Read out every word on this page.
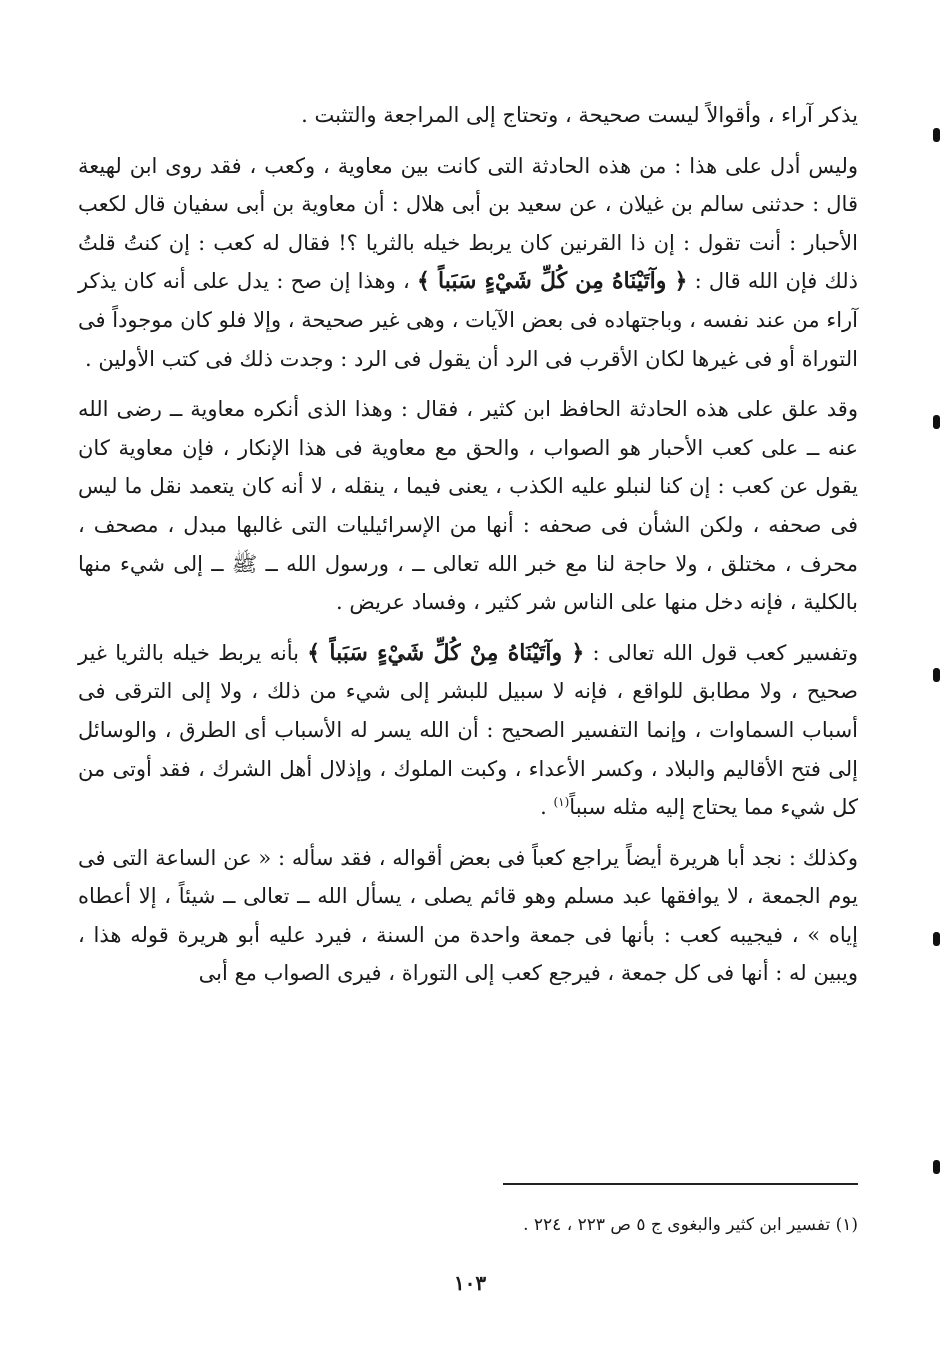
يذكر آراء ، وأقوالاً ليست صحيحة ، وتحتاج إلى المراجعة والتثبت .

وليس أدل على هذا : من هذه الحادثة التى كانت بين معاوية ، وكعب ، فقد روى ابن لهيعة قال : حدثنى سالم بن غيلان ، عن سعيد بن أبى هلال : أن معاوية بن أبى سفيان قال لكعب الأحبار : أنت تقول : إن ذا القرنين كان يربط خيله بالثريا ؟! فقال له كعب : إن كنتُ قلتُ ذلك فإن الله قال : ﴿ وآتَيْنَاهُ مِن كُلِّ شَيْءٍ سَبَباً ﴾ ، وهذا إن صح : يدل على أنه كان يذكر آراء من عند نفسه ، وباجتهاده فى بعض الآيات ، وهى غير صحيحة ، وإلا فلو كان موجوداً فى التوراة أو فى غيرها لكان الأقرب فى الرد أن يقول فى الرد : وجدت ذلك فى كتب الأولين .

وقد علق على هذه الحادثة الحافظ ابن كثير ، فقال : وهذا الذى أنكره معاوية ــ رضى الله عنه ــ على كعب الأحبار هو الصواب ، والحق مع معاوية فى هذا الإنكار ، فإن معاوية كان يقول عن كعب : إن كنا لنبلو عليه الكذب ، يعنى فيما ، ينقله ، لا أنه كان يتعمد نقل ما ليس فى صحفه ، ولكن الشأن فى صحفه : أنها من الإسرائيليات التى غالبها مبدل ، مصحف ، محرف ، مختلق ، ولا حاجة لنا مع خبر الله تعالى ــ ، ورسول الله ــ ﷺ ــ إلى شيء منها بالكلية ، فإنه دخل منها على الناس شر كثير ، وفساد عريض .

وتفسير كعب قول الله تعالى : ﴿ وآتَيْنَاهُ مِنْ كُلِّ شَيْءٍ سَبَباً ﴾ بأنه يربط خيله بالثريا غير صحيح ، ولا مطابق للواقع ، فإنه لا سبيل للبشر إلى شيء من ذلك ، ولا إلى الترقى فى أسباب السماوات ، وإنما التفسير الصحيح : أن الله يسر له الأسباب أى الطرق ، والوسائل إلى فتح الأقاليم والبلاد ، وكسر الأعداء ، وكبت الملوك ، وإذلال أهل الشرك ، فقد أوتى من كل شيء مما يحتاج إليه مثله سبباً$^{(١)}$ .

وكذلك : نجد أبا هريرة أيضاً يراجع كعباً فى بعض أقواله ، فقد سأله : « عن الساعة التى فى يوم الجمعة ، لا يوافقها عبد مسلم وهو قائم يصلى ، يسأل الله ــ تعالى ــ شيئاً ، إلا أعطاه إياه » ، فيجيبه كعب : بأنها فى جمعة واحدة من السنة ، فيرد عليه أبو هريرة قوله هذا ، ويبين له : أنها فى كل جمعة ، فيرجع كعب إلى التوراة ، فيرى الصواب مع أبى

(١) تفسير ابن كثير والبغوى ج ٥ ص ٢٢٣ ، ٢٢٤ .
١٠٣
